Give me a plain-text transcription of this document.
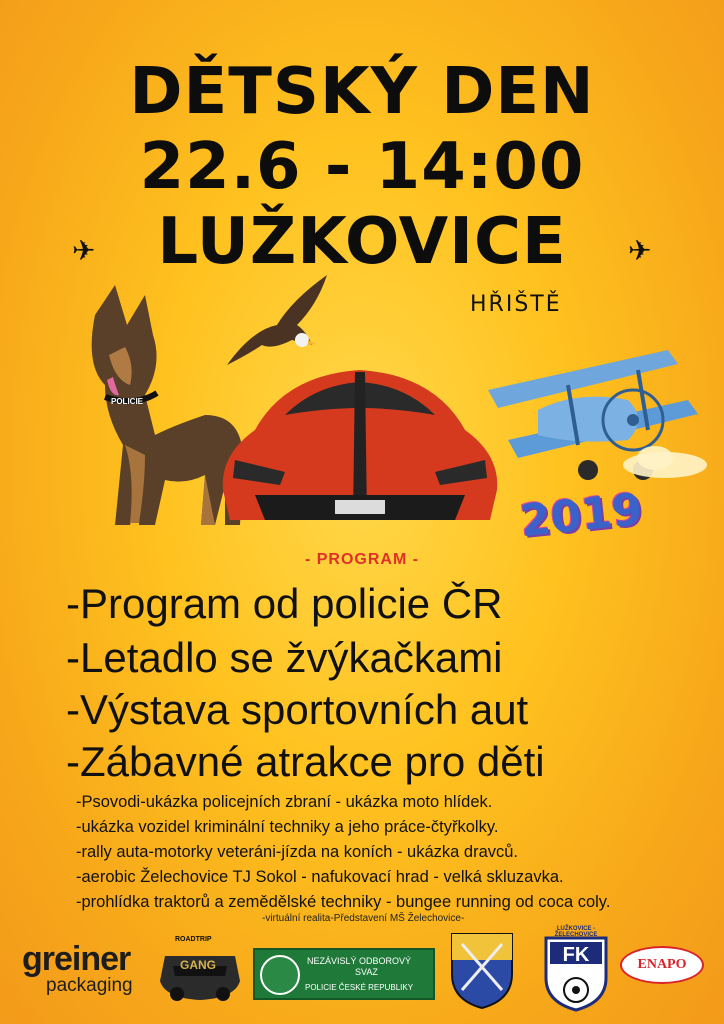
DĚTSKÝ DEN
22.6 - 14:00
LUŽKOVICE
✈	✈
HŘIŠTĚ
POLICIE
2019
- PROGRAM -
-Program od policie ČR
-Letadlo se žvýkačkami
-Výstava sportovních aut
-Zábavné atrakce pro děti
-Psovodi-ukázka policejních zbraní - ukázka moto hlídek.
-ukázka vozidel kriminální techniky a jeho práce-čtyřkolky.
-rally auta-motorky veteráni-jízda na koních - ukázka dravců.
-aerobic Želechovice TJ Sokol - nafukovací hrad - velká skluzavka.
-prohlídka traktorů a zemědělské techniky - bungee running od coca coly.
-virtuální realita-Představení MŠ Želechovice-
greiner
packaging
ROADTRIP
GANG	NEZÁVISLÝ ODBOROVÝ
SVAZ
POLICIE ČESKÉ REPUBLIKY
LUŽKOVICE - ŽELECHOVICE
FK	ENAPO
